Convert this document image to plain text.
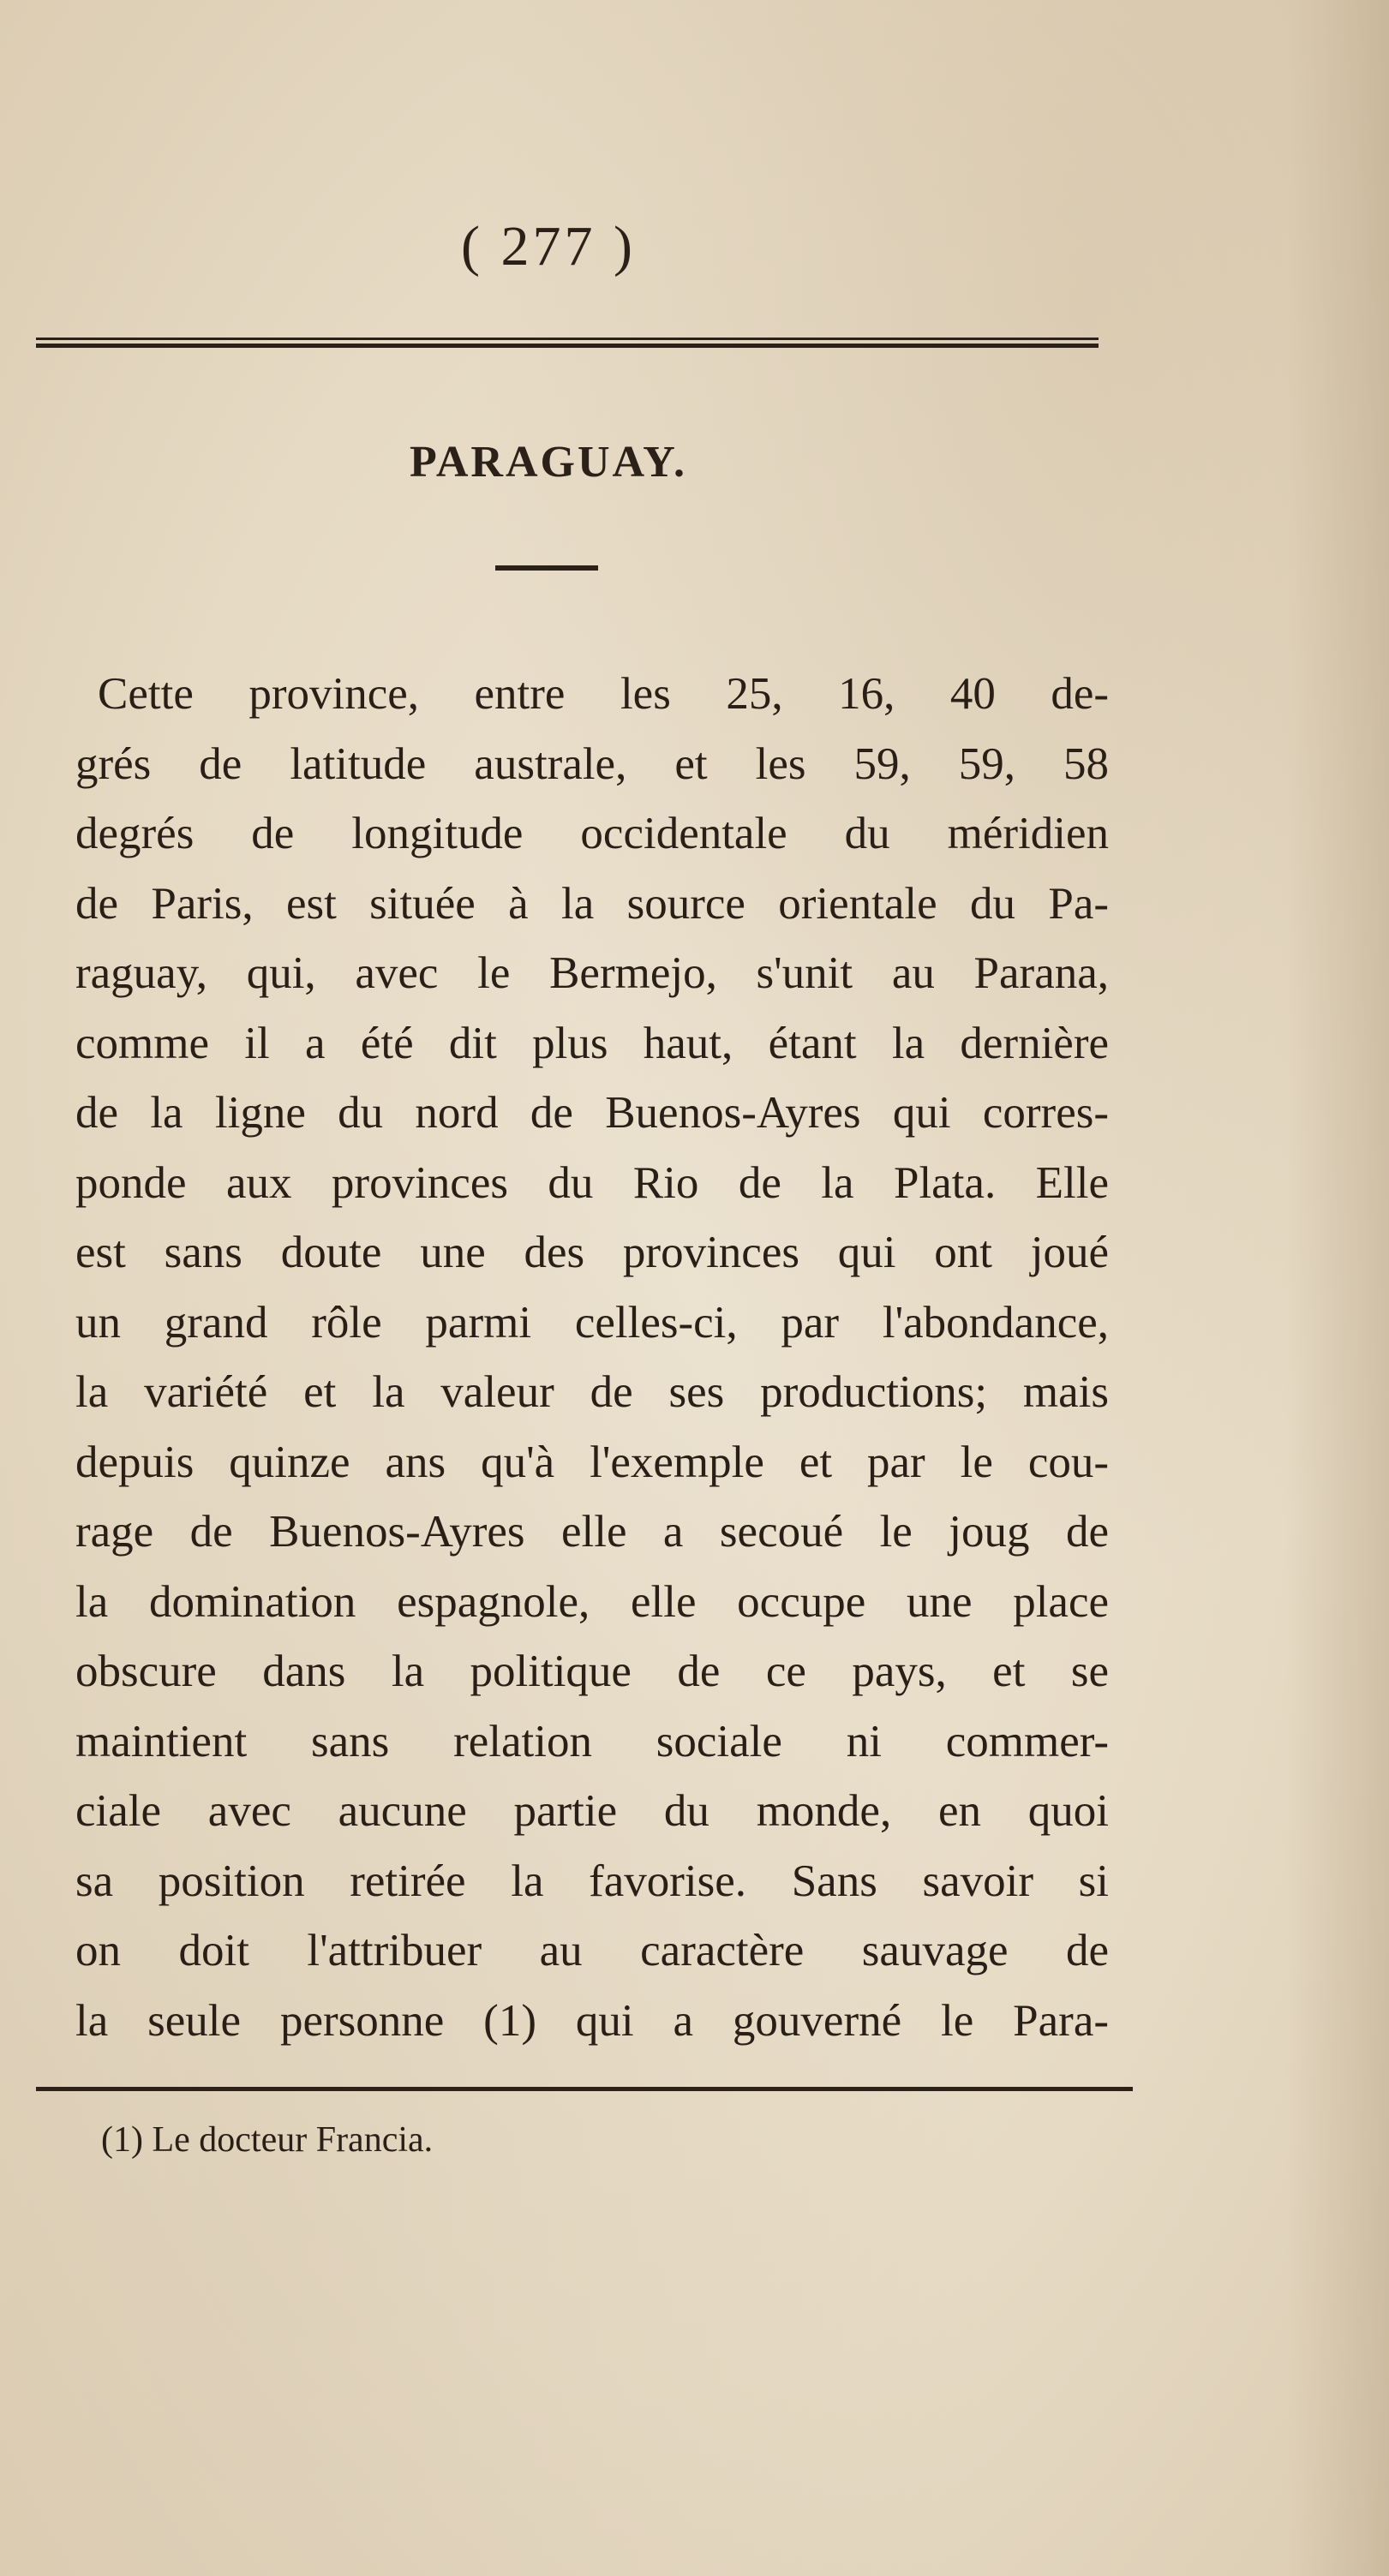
( 277 )
PARAGUAY.
Cette province, entre les 25, 16, 40 de-
grés de latitude australe, et les 59, 59, 58
degrés de longitude occidentale du méridien
de Paris, est située à la source orientale du Pa-
raguay, qui, avec le Bermejo, s'unit au Parana,
comme il a été dit plus haut, étant la dernière
de la ligne du nord de Buenos-Ayres qui corres-
ponde aux provinces du Rio de la Plata. Elle
est sans doute une des provinces qui ont joué
un grand rôle parmi celles-ci, par l'abondance,
la variété et la valeur de ses productions; mais
depuis quinze ans qu'à l'exemple et par le cou-
rage de Buenos-Ayres elle a secoué le joug de
la domination espagnole, elle occupe une place
obscure dans la politique de ce pays, et se
maintient sans relation sociale ni commer-
ciale avec aucune partie du monde, en quoi
sa position retirée la favorise. Sans savoir si
on doit l'attribuer au caractère sauvage de
la seule personne (1) qui a gouverné le Para-
(1) Le docteur Francia.
